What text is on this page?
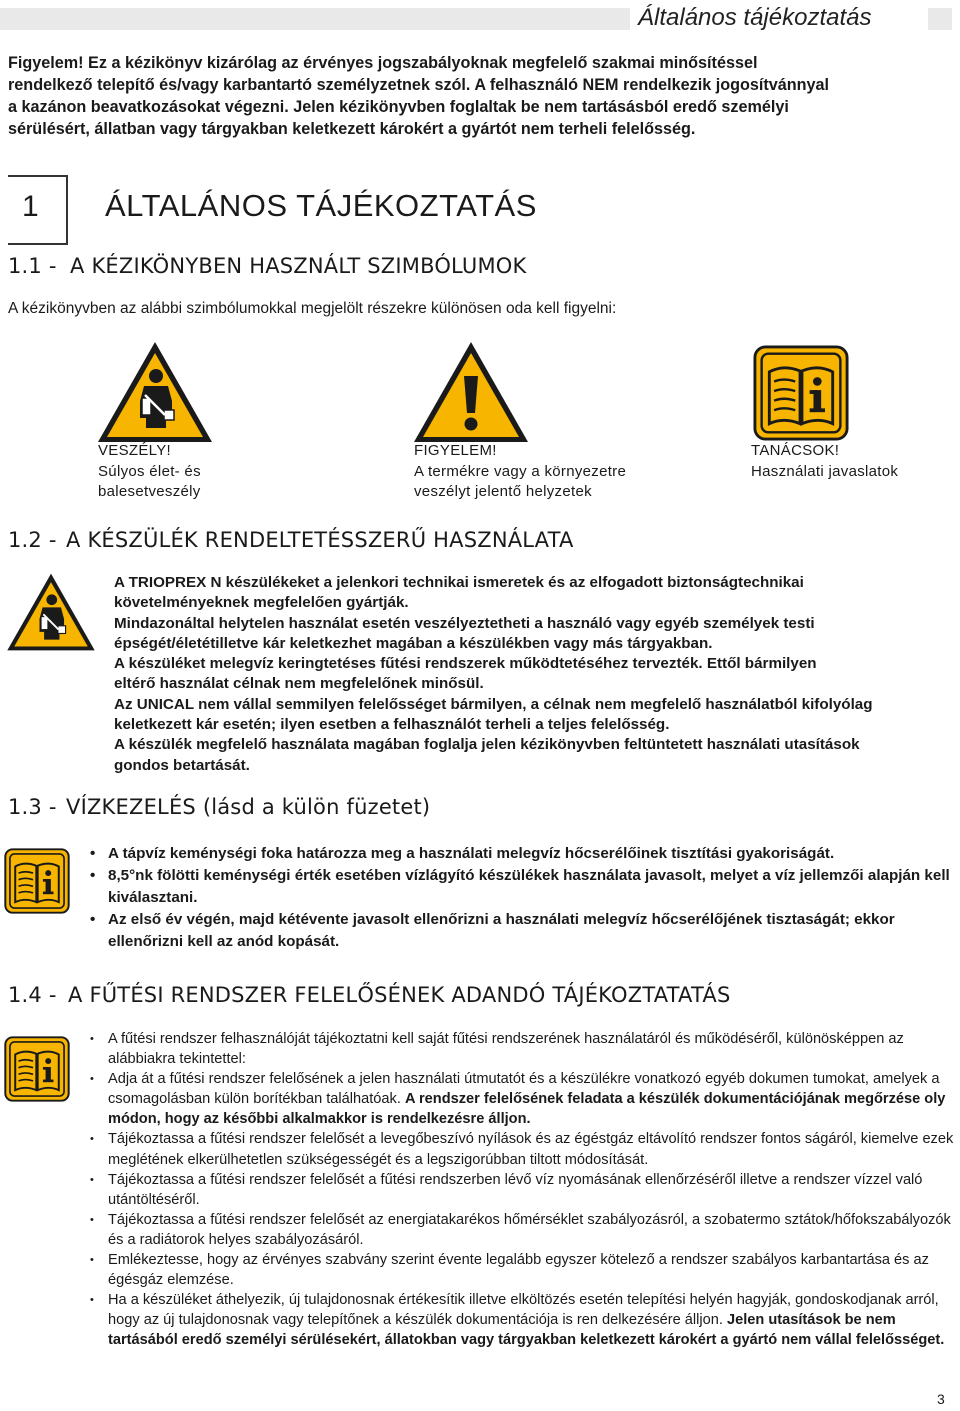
Általános tájékoztatás
Figyelem! Ez a kézikönyv kizárólag az érvényes jogszabályoknak megfelelő szakmai minősítéssel
rendelkező telepítő és/vagy karbantartó személyzetnek szól. A felhasználó NEM rendelkezik jogosítvánnyal
a kazánon beavatkozásokat végezni. Jelen kézikönyvben foglaltak be nem tartásásból eredő személyi
sérülésért, állatban vagy tárgyakban keletkezett károkért a gyártót nem terheli felelősség.
1 ÁLTALÁNOS TÁJÉKOZTATÁS
1.1 - A KÉZIKÖNYBEN HASZNÁLT SZIMBÓLUMOK
A kézikönyvben az alábbi szimbólumokkal megjelölt részekre különösen oda kell figyelni:
VESZÉLY!
Súlyos élet- és
balesetveszély
FIGYELEM!
A termékre vagy a környezetre
veszélyt jelentő helyzetek
TANÁCSOK!
Használati javaslatok
1.2 - A KÉSZÜLÉK RENDELTETÉSSZERŰ HASZNÁLATA

A TRIOPREX N készülékeket a jelenkori technikai ismeretek és az elfogadott biztonságtechnikai

követelményeknek megfelelően gyártják.

Mindazonáltal helytelen használat esetén veszélyeztetheti a használó vagy egyéb személyek testi

épségét/életétilletve kár keletkezhet magában a készülékben vagy más tárgyakban.

A készüléket melegvíz keringtetéses fűtési rendszerek működtetéséhez tervezték. Ettől bármilyen

eltérő használat célnak nem megfelelőnek minősül.

Az UNICAL nem vállal semmilyen felelősséget bármilyen, a célnak nem megfelelő használatból kifolyólag

keletkezett kár esetén; ilyen esetben a felhasználót terheli a teljes felelősség.

A készülék megfelelő használata magában foglalja jelen kézikönyvben feltüntetett használati utasítások

gondos betartását.

1.3 - VÍZKEZELÉS (lásd a külön füzetet)
• A tápvíz keménységi foka határozza meg a használati melegvíz hőcserélőinek tisztítási gyakoriságát.
• 8,5°nk fölötti keménységi érték esetében vízlágyító készülékek használata javasolt, melyet a víz jellemzői alapján kell kiválasztani.
• Az első év végén, majd kétévente javasolt ellenőrizni a használati melegvíz hőcserélőjének tisztaságát; ekkor ellenőrizni kell az anód kopását.
1.4 - A FŰTÉSI RENDSZER FELELŐSÉNEK ADANDÓ TÁJÉKOZTATATÁS
• A fűtési rendszer felhasználóját tájékoztatni kell saját fűtési rendszerének használatáról és működéséről, különösképpen az alábbiakra tekintettel:
• Adja át a fűtési rendszer felelősének a jelen használati útmutatót és a készülékre vonatkozó egyéb dokumen tumokat, amelyek a csomagolásban külön borítékban találhatóak. A rendszer felelősének feladata a készülék dokumentációjának megőrzése oly módon, hogy az későbbi alkalmakkor is rendelkezésre álljon.
• Tájékoztassa a fűtési rendszer felelősét a levegőbeszívó nyílások és az égéstgáz eltávolító rendszer fontos ságáról, kiemelve ezek meglétének elkerülhetetlen szükségességét és a legszigorúbban tiltott módosítását.
• Tájékoztassa a fűtési rendszer felelősét a fűtési rendszerben lévő víz nyomásának ellenőrzéséről illetve a rendszer vízzel való utántöltéséről.
• Tájékoztassa a fűtési rendszer felelősét az energiatakarékos hőmérséklet szabályozásról, a szobatermo sztátok/hőfokszabályozók és a radiátorok helyes szabályozásáról.
• Emlékeztesse, hogy az érvényes szabvány szerint évente legalább egyszer kötelező a rendszer szabályos karbantartása és az égésgáz elemzése.
• Ha a készüléket áthelyezik, új tulajdonosnak értékesítik illetve elköltözés esetén telepítési helyén hagyják, gondoskodjanak arról, hogy az új tulajdonosnak vagy telepítőnek a készülék dokumentációja is ren delkezésére álljon. Jelen utasítások be nem tartásából eredő személyi sérülésekért, állatokban vagy tárgyakban keletkezett károkért a gyártó nem vállal felelősséget.
3
